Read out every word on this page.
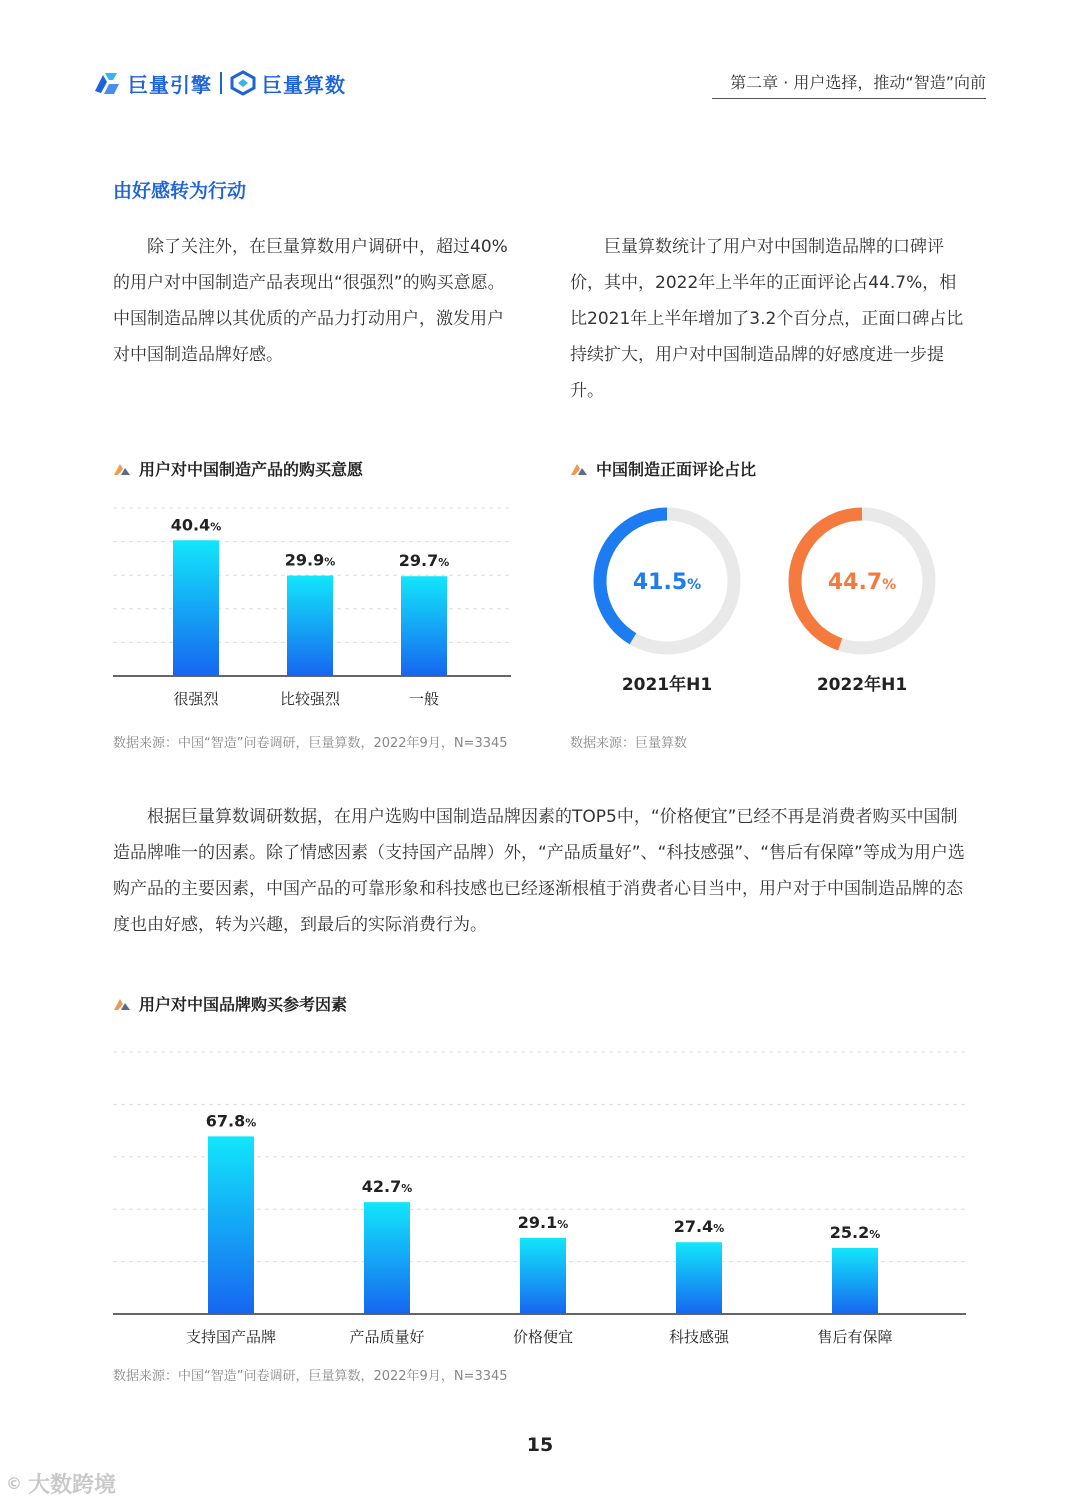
巨量引擎	巨量算数	第二章 · 用户选择，推动“智造”向前
由好感转为行动

除了关注外，在巨量算数用户调研中，超过40%的用户对中国制造产品表现出“很强烈”的购买意愿。中国制造品牌以其优质的产品力打动用户，激发用户对中国制造品牌好感。

巨量算数统计了用户对中国制造品牌的口碑评价，其中，2022年上半年的正面评论占44.7%，相比2021年上半年增加了3.2个百分点，正面口碑占比持续扩大，用户对中国制造品牌的好感度进一步提升。

用户对中国制造产品的购买意愿
40.4%
很强烈
29.9%
比较强烈
29.7%
一般
数据来源：中国“智造”问卷调研，巨量算数，2022年9月，N=3345
中国制造正面评论占比
41.5%
2021年H1
44.7%
2022年H1
数据来源：巨量算数

根据巨量算数调研数据，在用户选购中国制造品牌因素的TOP5中，“价格便宜”已经不再是消费者购买中国制造品牌唯一的因素。除了情感因素（支持国产品牌）外，“产品质量好”、“科技感强”、“售后有保障”等成为用户选购产品的主要因素，中国产品的可靠形象和科技感也已经逐渐根植于消费者心目当中，用户对于中国制造品牌的态度也由好感，转为兴趣，到最后的实际消费行为。

用户对中国品牌购买参考因素
67.8%
支持国产品牌
42.7%
产品质量好
29.1%
价格便宜
27.4%
科技感强
25.2%
售后有保障
数据来源：中国“智造”问卷调研，巨量算数，2022年9月，N=3345
15
© 大数跨境
